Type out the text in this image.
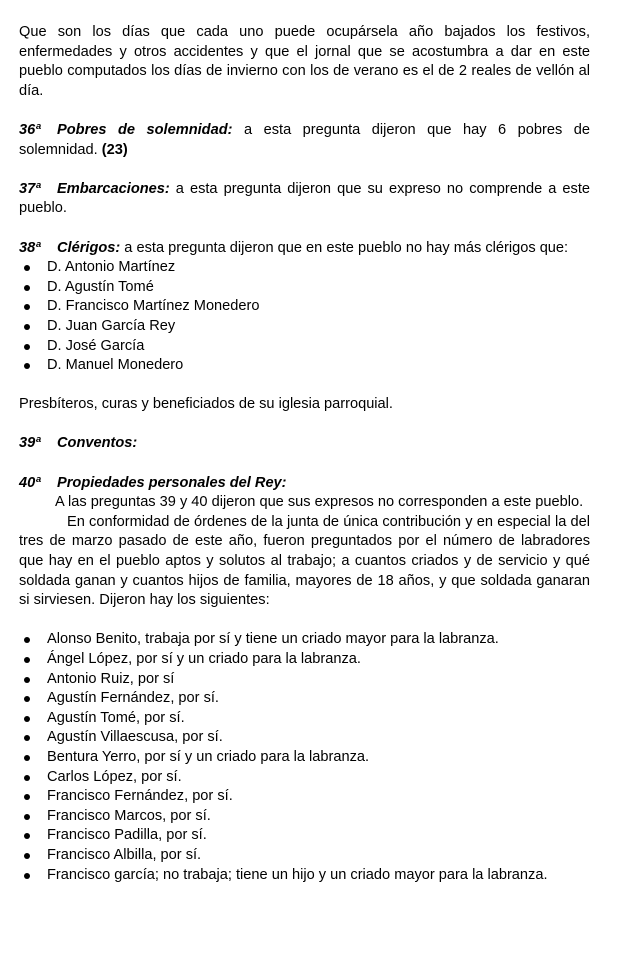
Que son los días que cada uno puede ocupársela año bajados los festivos, enfermedades y otros accidentes y que el jornal que se acostumbra a dar en este pueblo computados los días de invierno con los de verano es el de 2 reales de vellón al día.

36ª Pobres de solemnidad: a esta pregunta dijeron que hay 6 pobres de solemnidad. (23)

37ª Embarcaciones: a esta pregunta dijeron que su expreso no comprende a este pueblo.

38ª Clérigos: a esta pregunta dijeron que en este pueblo no hay más clérigos que:

D. Antonio Martínez
D. Agustín Tomé
D. Francisco Martínez Monedero
D. Juan García Rey
D. José García
D. Manuel Monedero

Presbíteros, curas y beneficiados de su iglesia parroquial.

39ª Conventos:

40ª Propiedades personales del Rey:

A las preguntas 39 y 40 dijeron que sus expresos no corresponden a este pueblo.

En conformidad de órdenes de la junta de única contribución y en especial la del tres de marzo pasado de este año, fueron preguntados por el número de labradores que hay en el pueblo aptos y solutos al trabajo; a cuantos criados y de servicio y qué soldada ganan y cuantos hijos de familia, mayores de 18 años, y que soldada ganaran si sirviesen. Dijeron hay los siguientes:

Alonso Benito, trabaja por sí y tiene un criado mayor para la labranza.
Ángel López, por sí y un criado para la labranza.
Antonio Ruiz, por sí
Agustín Fernández, por sí.
Agustín Tomé, por sí.
Agustín Villaescusa, por sí.
Bentura Yerro, por sí y un criado para la labranza.
Carlos López, por sí.
Francisco Fernández, por sí.
Francisco Marcos, por sí.
Francisco Padilla, por sí.
Francisco Albilla, por sí.
Francisco garcía; no trabaja; tiene un hijo y un criado mayor para la labranza.
